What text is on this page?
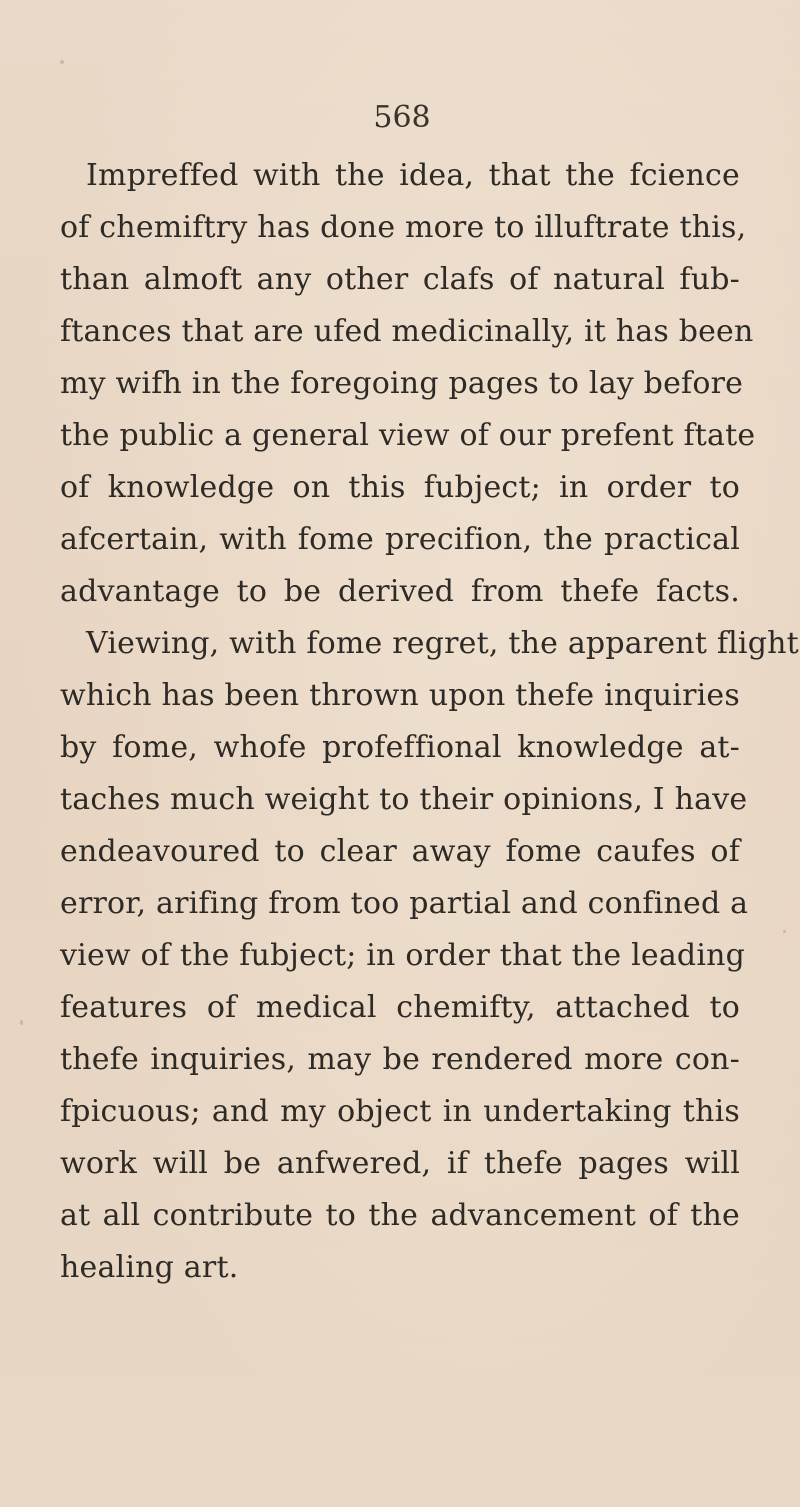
568
Impreffed with the idea, that the fcience
of chemiftry has done more to illuftrate this,
than almoft any other clafs of natural fub-
ftances that are ufed medicinally, it has been
my wifh in the foregoing pages to lay before
the public a general view of our prefent ftate
of knowledge on this fubject; in order to
afcertain, with fome precifion, the practical
advantage to be derived from thefe facts.
Viewing, with fome regret, the apparent flight
which has been thrown upon thefe inquiries
by fome, whofe profeffional knowledge at-
taches much weight to their opinions, I have
endeavoured to clear away fome caufes of
error, arifing from too partial and confined a
view of the fubject; in order that the leading
features of medical chemifty, attached to
thefe inquiries, may be rendered more con-
fpicuous; and my object in undertaking this
work will be anfwered, if thefe pages will
at all contribute to the advancement of the
healing art.
